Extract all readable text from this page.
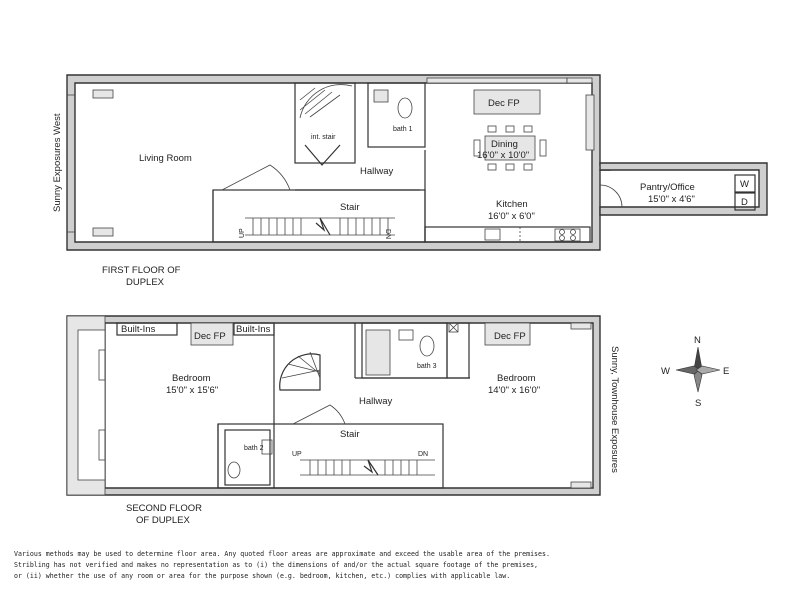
Sunny Exposures West	Living Room
int. stair
bath 1
Dec FP
Dining
16'0" x 10'0"
Hallway
Kitchen
16'0" x 6'0"
Stair
Pantry/Office
15'0" x 4'6"
W
D
UP	DN
FIRST FLOOR OF
DUPLEX
Built-Ins
Dec FP
Built-Ins
Bedroom
15'0" x 15'6"
bath 3
Dec FP
Bedroom
14'0" x 16'0"
Hallway
bath 2
Stair
UP	DN	Sunny, Townhouse Exposures
SECOND FLOOR
OF DUPLEX
N
S
W	E
Various methods may be used to determine floor area. Any quoted floor areas are approximate and exceed the usable area of the premises.
Stribling has not verified and makes no representation as to (i) the dimensions of and/or the actual square footage of the premises,
or (ii) whether the use of any room or area for the purpose shown (e.g. bedroom, kitchen, etc.) complies with applicable law.
